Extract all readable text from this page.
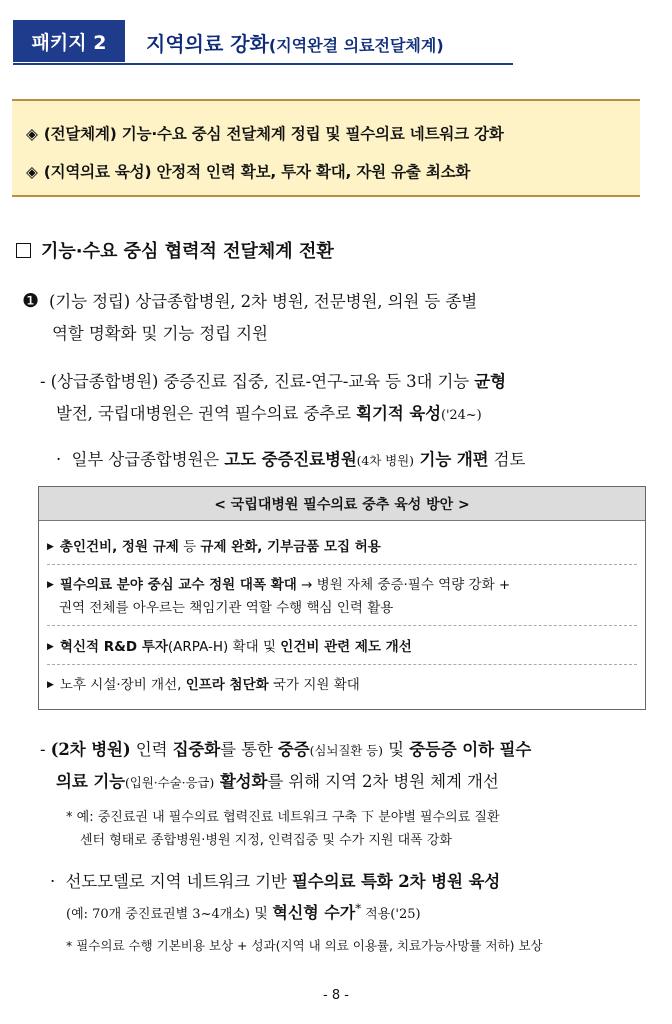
패키지 2 지역의료 강화(지역완결 의료전달체계)
◈ (전달체계) 기능·수요 중심 전달체계 정립 및 필수의료 네트워크 강화
◈ (지역의료 육성) 안정적 인력 확보, 투자 확대, 자원 유출 최소화
기능·수요 중심 협력적 전달체계 전환
❶ (기능 정립) 상급종합병원, 2차 병원, 전문병원, 의원 등 종별
역할 명확화 및 기능 정립 지원
- (상급종합병원) 중증진료 집중, 진료-연구-교육 등 3대 기능 균형
발전, 국립대병원은 권역 필수의료 중추로 획기적 육성('24~)
· 일부 상급종합병원은 고도 중증진료병원(4차 병원) 기능 개편 검토
< 국립대병원 필수의료 중추 육성 방안 >
▶ 총인건비, 정원 규제 등 규제 완화, 기부금품 모집 허용
▶ 필수의료 분야 중심 교수 정원 대폭 확대 → 병원 자체 중증·필수 역량 강화 +
권역 전체를 아우르는 책임기관 역할 수행 핵심 인력 활용
▶ 혁신적 R&D 투자(ARPA-H) 확대 및 인건비 관련 제도 개선
▶ 노후 시설·장비 개선, 인프라 첨단화 국가 지원 확대
- (2차 병원) 인력 집중화를 통한 중증(심뇌질환 등) 및 중등증 이하 필수
의료 기능(입원·수술·응급) 활성화를 위해 지역 2차 병원 체계 개선
* 예: 중진료권 내 필수의료 협력진료 네트워크 구축 下 분야별 필수의료 질환
센터 형태로 종합병원·병원 지정, 인력집중 및 수가 지원 대폭 강화
· 선도모델로 지역 네트워크 기반 필수의료 특화 2차 병원 육성
(예: 70개 중진료권별 3~4개소) 및 혁신형 수가* 적용('25)
* 필수의료 수행 기본비용 보상 + 성과(지역 내 의료 이용률, 치료가능사망률 저하) 보상
- 8 -
